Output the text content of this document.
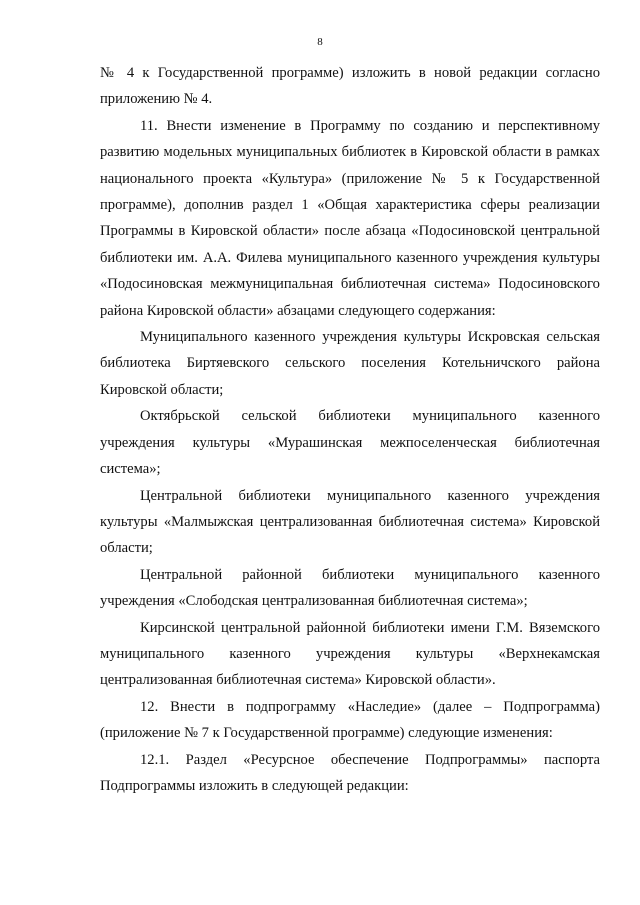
8

№ 4 к Государственной программе) изложить в новой редакции согласно приложению № 4.

11. Внести изменение в Программу по созданию и перспективному развитию модельных муниципальных библиотек в Кировской области в рамках национального проекта «Культура» (приложение № 5 к Государственной программе), дополнив раздел 1 «Общая характеристика сферы реализации Программы в Кировской области» после абзаца «Подосиновской центральной библиотеки им. А.А. Филева муниципального казенного учреждения культуры «Подосиновская межмуниципальная библиотечная система» Подосиновского района Кировской области» абзацами следующего содержания:

Муниципального казенного учреждения культуры Искровская сельская библиотека Биртяевского сельского поселения Котельничского района Кировской области;

Октябрьской сельской библиотеки муниципального казенного учреждения культуры «Мурашинская межпоселенческая библиотечная система»;

Центральной библиотеки муниципального казенного учреждения культуры «Малмыжская централизованная библиотечная система» Кировской области;

Центральной районной библиотеки муниципального казенного учреждения «Слободская централизованная библиотечная система»;

Кирсинской центральной районной библиотеки имени Г.М. Вяземского муниципального казенного учреждения культуры «Верхнекамская централизованная библиотечная система» Кировской области».

12. Внести в подпрограмму «Наследие» (далее – Подпрограмма) (приложение № 7 к Государственной программе) следующие изменения:

12.1. Раздел «Ресурсное обеспечение Подпрограммы» паспорта Подпрограммы изложить в следующей редакции:
